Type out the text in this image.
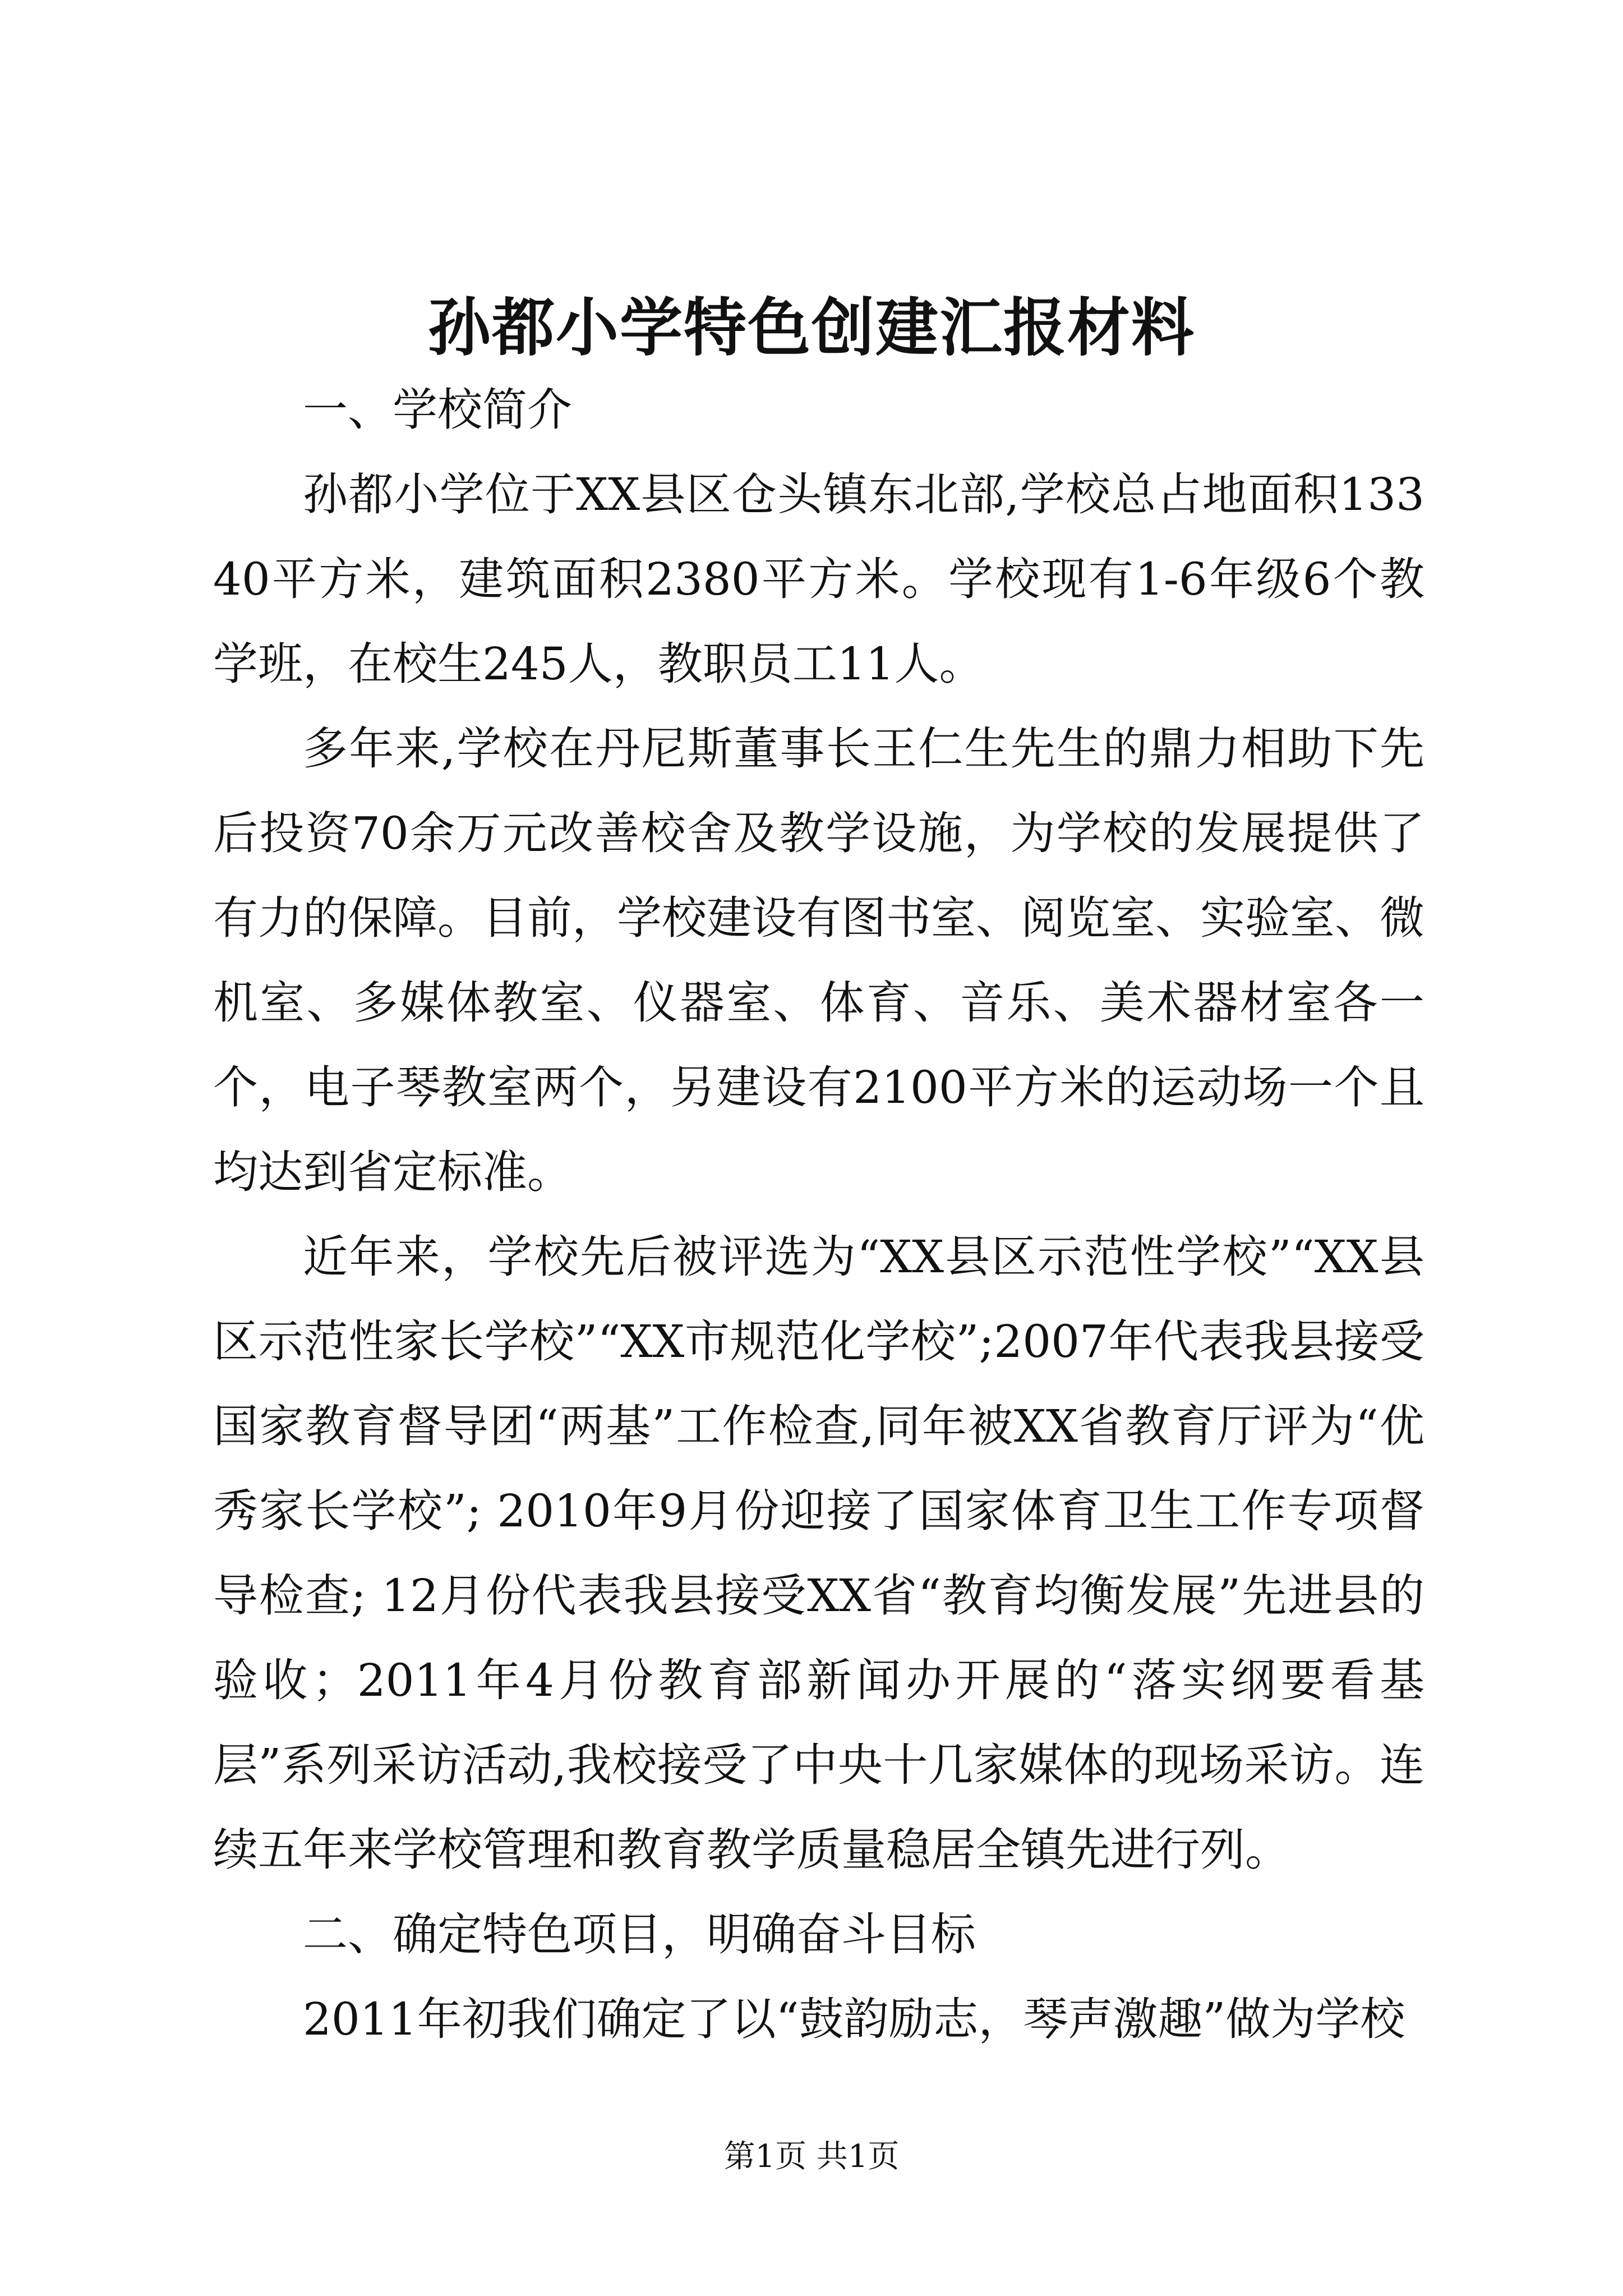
孙都小学特色创建汇报材料

一、学校简介

孙都小学位于XX县区仓头镇东北部,学校总占地面积13340平方米，建筑面积2380平方米。学校现有1-6年级6个教学班，在校生245人，教职员工11人。

多年来,学校在丹尼斯董事长王仁生先生的鼎力相助下先后投资70余万元改善校舍及教学设施，为学校的发展提供了有力的保障。目前，学校建设有图书室、阅览室、实验室、微机室、多媒体教室、仪器室、体育、音乐、美术器材室各一个，电子琴教室两个，另建设有2100平方米的运动场一个且均达到省定标准。

近年来，学校先后被评选为“XX县区示范性学校”“XX县区示范性家长学校”“XX市规范化学校”;2007年代表我县接受国家教育督导团“两基”工作检查,同年被XX省教育厅评为“优秀家长学校”; 2010年9月份迎接了国家体育卫生工作专项督导检查; 12月份代表我县接受XX省“教育均衡发展”先进县的验收；2011年4月份教育部新闻办开展的“落实纲要看基层”系列采访活动,我校接受了中央十几家媒体的现场采访。连续五年来学校管理和教育教学质量稳居全镇先进行列。

二、确定特色项目，明确奋斗目标

2011年初我们确定了以“鼓韵励志，琴声激趣”做为学校

第1页 共1页
